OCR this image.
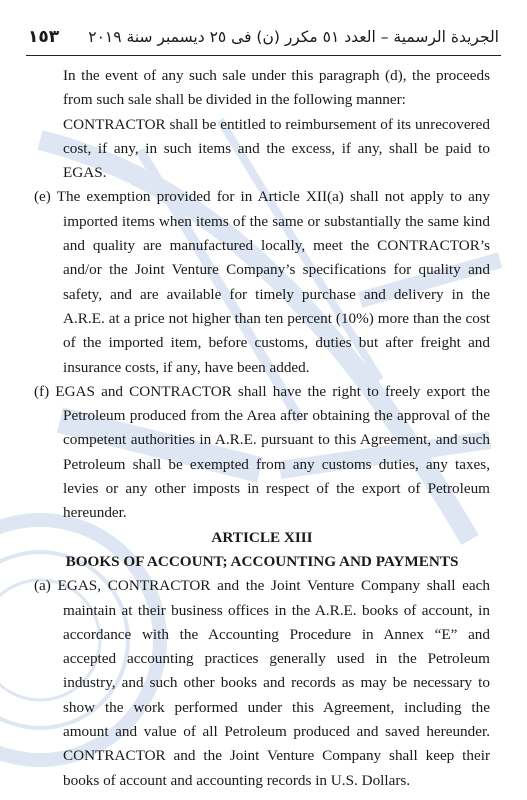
الجريدة الرسمية – العدد ٥١ مكرر (ن) فى ٢٥ ديسمبر سنة ٢٠١٩
١٥٣

In the event of any such sale under this paragraph (d), the proceeds from such sale shall be divided in the following manner:

CONTRACTOR shall be entitled to reimbursement of its unrecovered cost, if any, in such items and the excess, if any, shall be paid to EGAS.

(e) The exemption provided for in Article XII(a) shall not apply to any imported items when items of the same or substantially the same kind and quality are manufactured locally, meet the CONTRACTOR’s and/or the Joint Venture Company’s specifications for quality and safety, and are available for timely purchase and delivery in the A.R.E. at a price not higher than ten percent (10%) more than the cost of the imported item, before customs, duties but after freight and insurance costs, if any, have been added.

(f) EGAS and CONTRACTOR shall have the right to freely export the Petroleum produced from the Area after obtaining the approval of the competent authorities in A.R.E. pursuant to this Agreement, and such Petroleum shall be exempted from any customs duties, any taxes, levies or any other imposts in respect of the export of Petroleum hereunder.

ARTICLE XIII

BOOKS OF ACCOUNT; ACCOUNTING AND PAYMENTS

(a) EGAS, CONTRACTOR and the Joint Venture Company shall each maintain at their business offices in the A.R.E. books of account, in accordance with the Accounting Procedure in Annex “E” and accepted accounting practices generally used in the Petroleum industry, and such other books and records as may be necessary to show the work performed under this Agreement, including the amount and value of all Petroleum produced and saved hereunder. CONTRACTOR and the Joint Venture Company shall keep their books of account and accounting records in U.S. Dollars.
